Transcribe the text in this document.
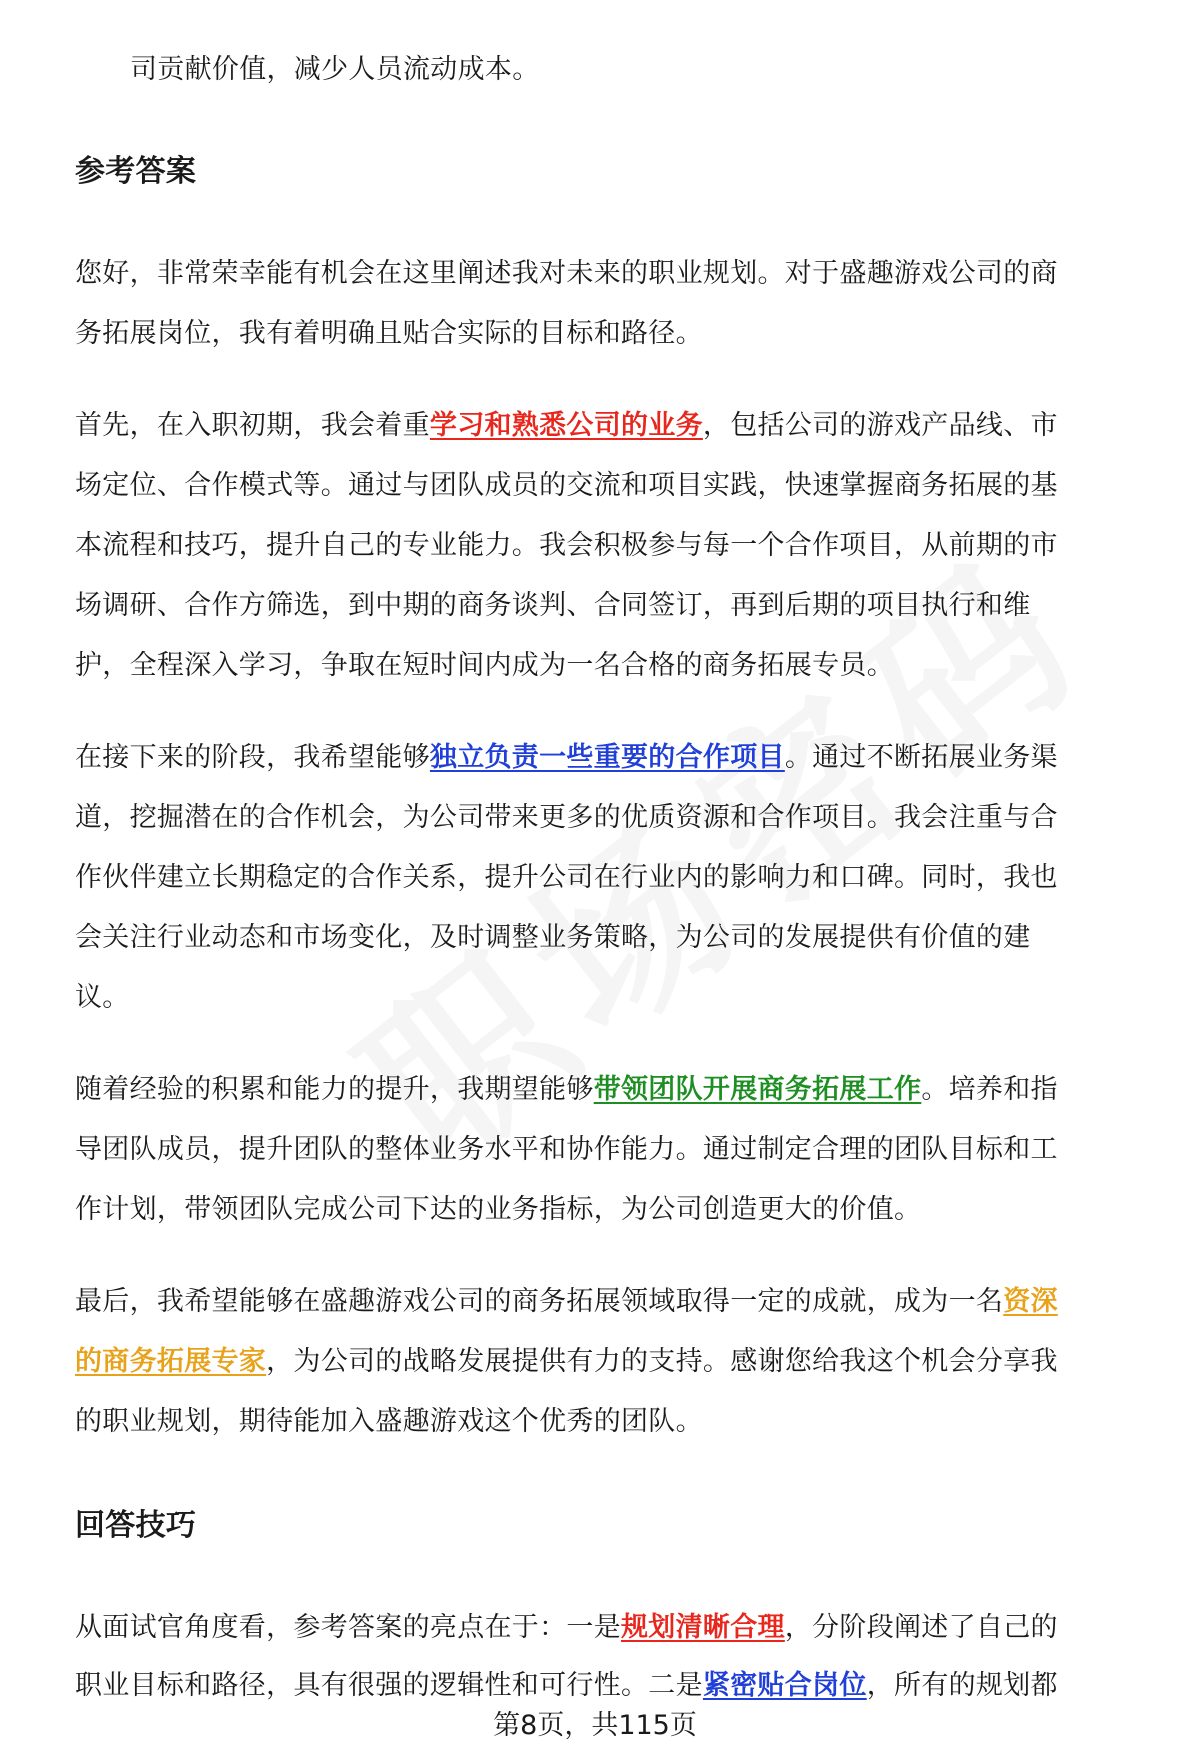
司贡献价值，减少人员流动成本。

参考答案

您好，非常荣幸能有机会在这里阐述我对未来的职业规划。对于盛趣游戏公司的商

务拓展岗位，我有着明确且贴合实际的目标和路径。

首先，在入职初期，我会着重学习和熟悉公司的业务，包括公司的游戏产品线、市

场定位、合作模式等。通过与团队成员的交流和项目实践，快速掌握商务拓展的基

本流程和技巧，提升自己的专业能力。我会积极参与每一个合作项目，从前期的市

场调研、合作方筛选，到中期的商务谈判、合同签订，再到后期的项目执行和维

护，全程深入学习，争取在短时间内成为一名合格的商务拓展专员。

在接下来的阶段，我希望能够独立负责一些重要的合作项目。通过不断拓展业务渠

道，挖掘潜在的合作机会，为公司带来更多的优质资源和合作项目。我会注重与合

作伙伴建立长期稳定的合作关系，提升公司在行业内的影响力和口碑。同时，我也

会关注行业动态和市场变化，及时调整业务策略，为公司的发展提供有价值的建

议。

随着经验的积累和能力的提升，我期望能够带领团队开展商务拓展工作。培养和指

导团队成员，提升团队的整体业务水平和协作能力。通过制定合理的团队目标和工

作计划，带领团队完成公司下达的业务指标，为公司创造更大的价值。

最后，我希望能够在盛趣游戏公司的商务拓展领域取得一定的成就，成为一名资深

的商务拓展专家，为公司的战略发展提供有力的支持。感谢您给我这个机会分享我

的职业规划，期待能加入盛趣游戏这个优秀的团队。

回答技巧

从面试官角度看，参考答案的亮点在于：一是规划清晰合理，分阶段阐述了自己的

职业目标和路径，具有很强的逻辑性和可行性。二是紧密贴合岗位，所有的规划都

第8页，共115页
